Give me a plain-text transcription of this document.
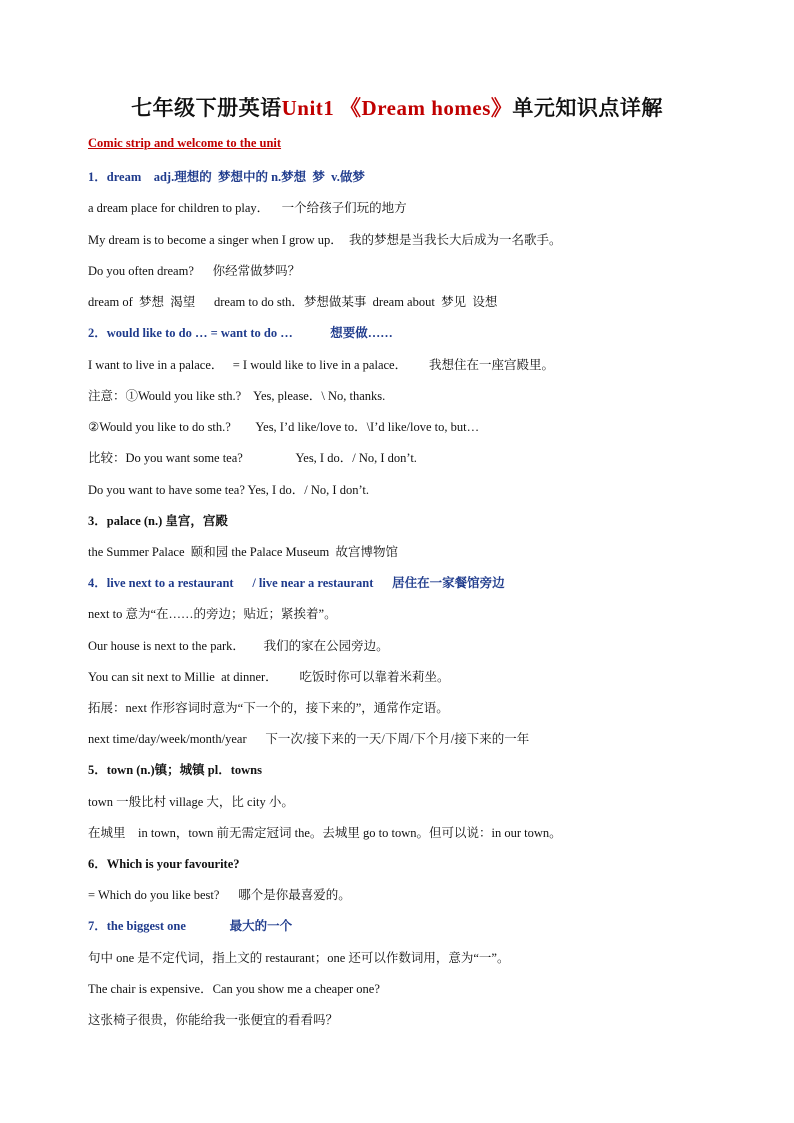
七年级下册英语Unit1 《Dream homes》单元知识点详解
Comic strip and welcome to the unit
1．dream    adj.理想的  梦想中的 n.梦想  梦  v.做梦
a dream place for children to play．    一个给孩子们玩的地方
My dream is to become a singer when I grow up．  我的梦想是当我长大后成为一名歌手。
Do you often dream?      你经常做梦吗？
dream of  梦想  渴望      dream to do sth．梦想做某事  dream about  梦见  设想
2．would like to do … = want to do …            想要做……
I want to live in a palace．   = I would like to live in a palace．       我想住在一座宫殿里。
注意：①Would you like sth.?    Yes, please．\ No, thanks.
②Would you like to do sth.?        Yes, I’d like/love to．\I’d like/love to, but…
比较：Do you want some tea?                 Yes, I do．/ No, I don’t.
Do you want to have some tea? Yes, I do．/ No, I don’t.
3．palace (n.) 皇宫，宫殿
the Summer Palace  颐和园 the Palace Museum  故宫博物馆
4．live next to a restaurant      / live near a restaurant      居住在一家餐馆旁边
next to 意为“在……的旁边；贴近；紧挨着”。
Our house is next to the park．      我们的家在公园旁边。
You can sit next to Millie  at dinner．       吃饭时你可以靠着米莉坐。
拓展：next 作形容词时意为“下一个的，接下来的”，通常作定语。
next time/day/week/month/year      下一次/接下来的一天/下周/下个月/接下来的一年
5．town (n.)镇；城镇 pl．towns
town 一般比村 village 大，比 city 小。
在城里    in town，town 前无需定冠词 the。去城里 go to town。但可以说：in our town。
6．Which is your favourite?
= Which do you like best?      哪个是你最喜爱的。
7．the biggest one              最大的一个
句中 one 是不定代词，指上文的 restaurant；one 还可以作数词用，意为“一”。
The chair is expensive．Can you show me a cheaper one?
这张椅子很贵，你能给我一张便宜的看看吗？
